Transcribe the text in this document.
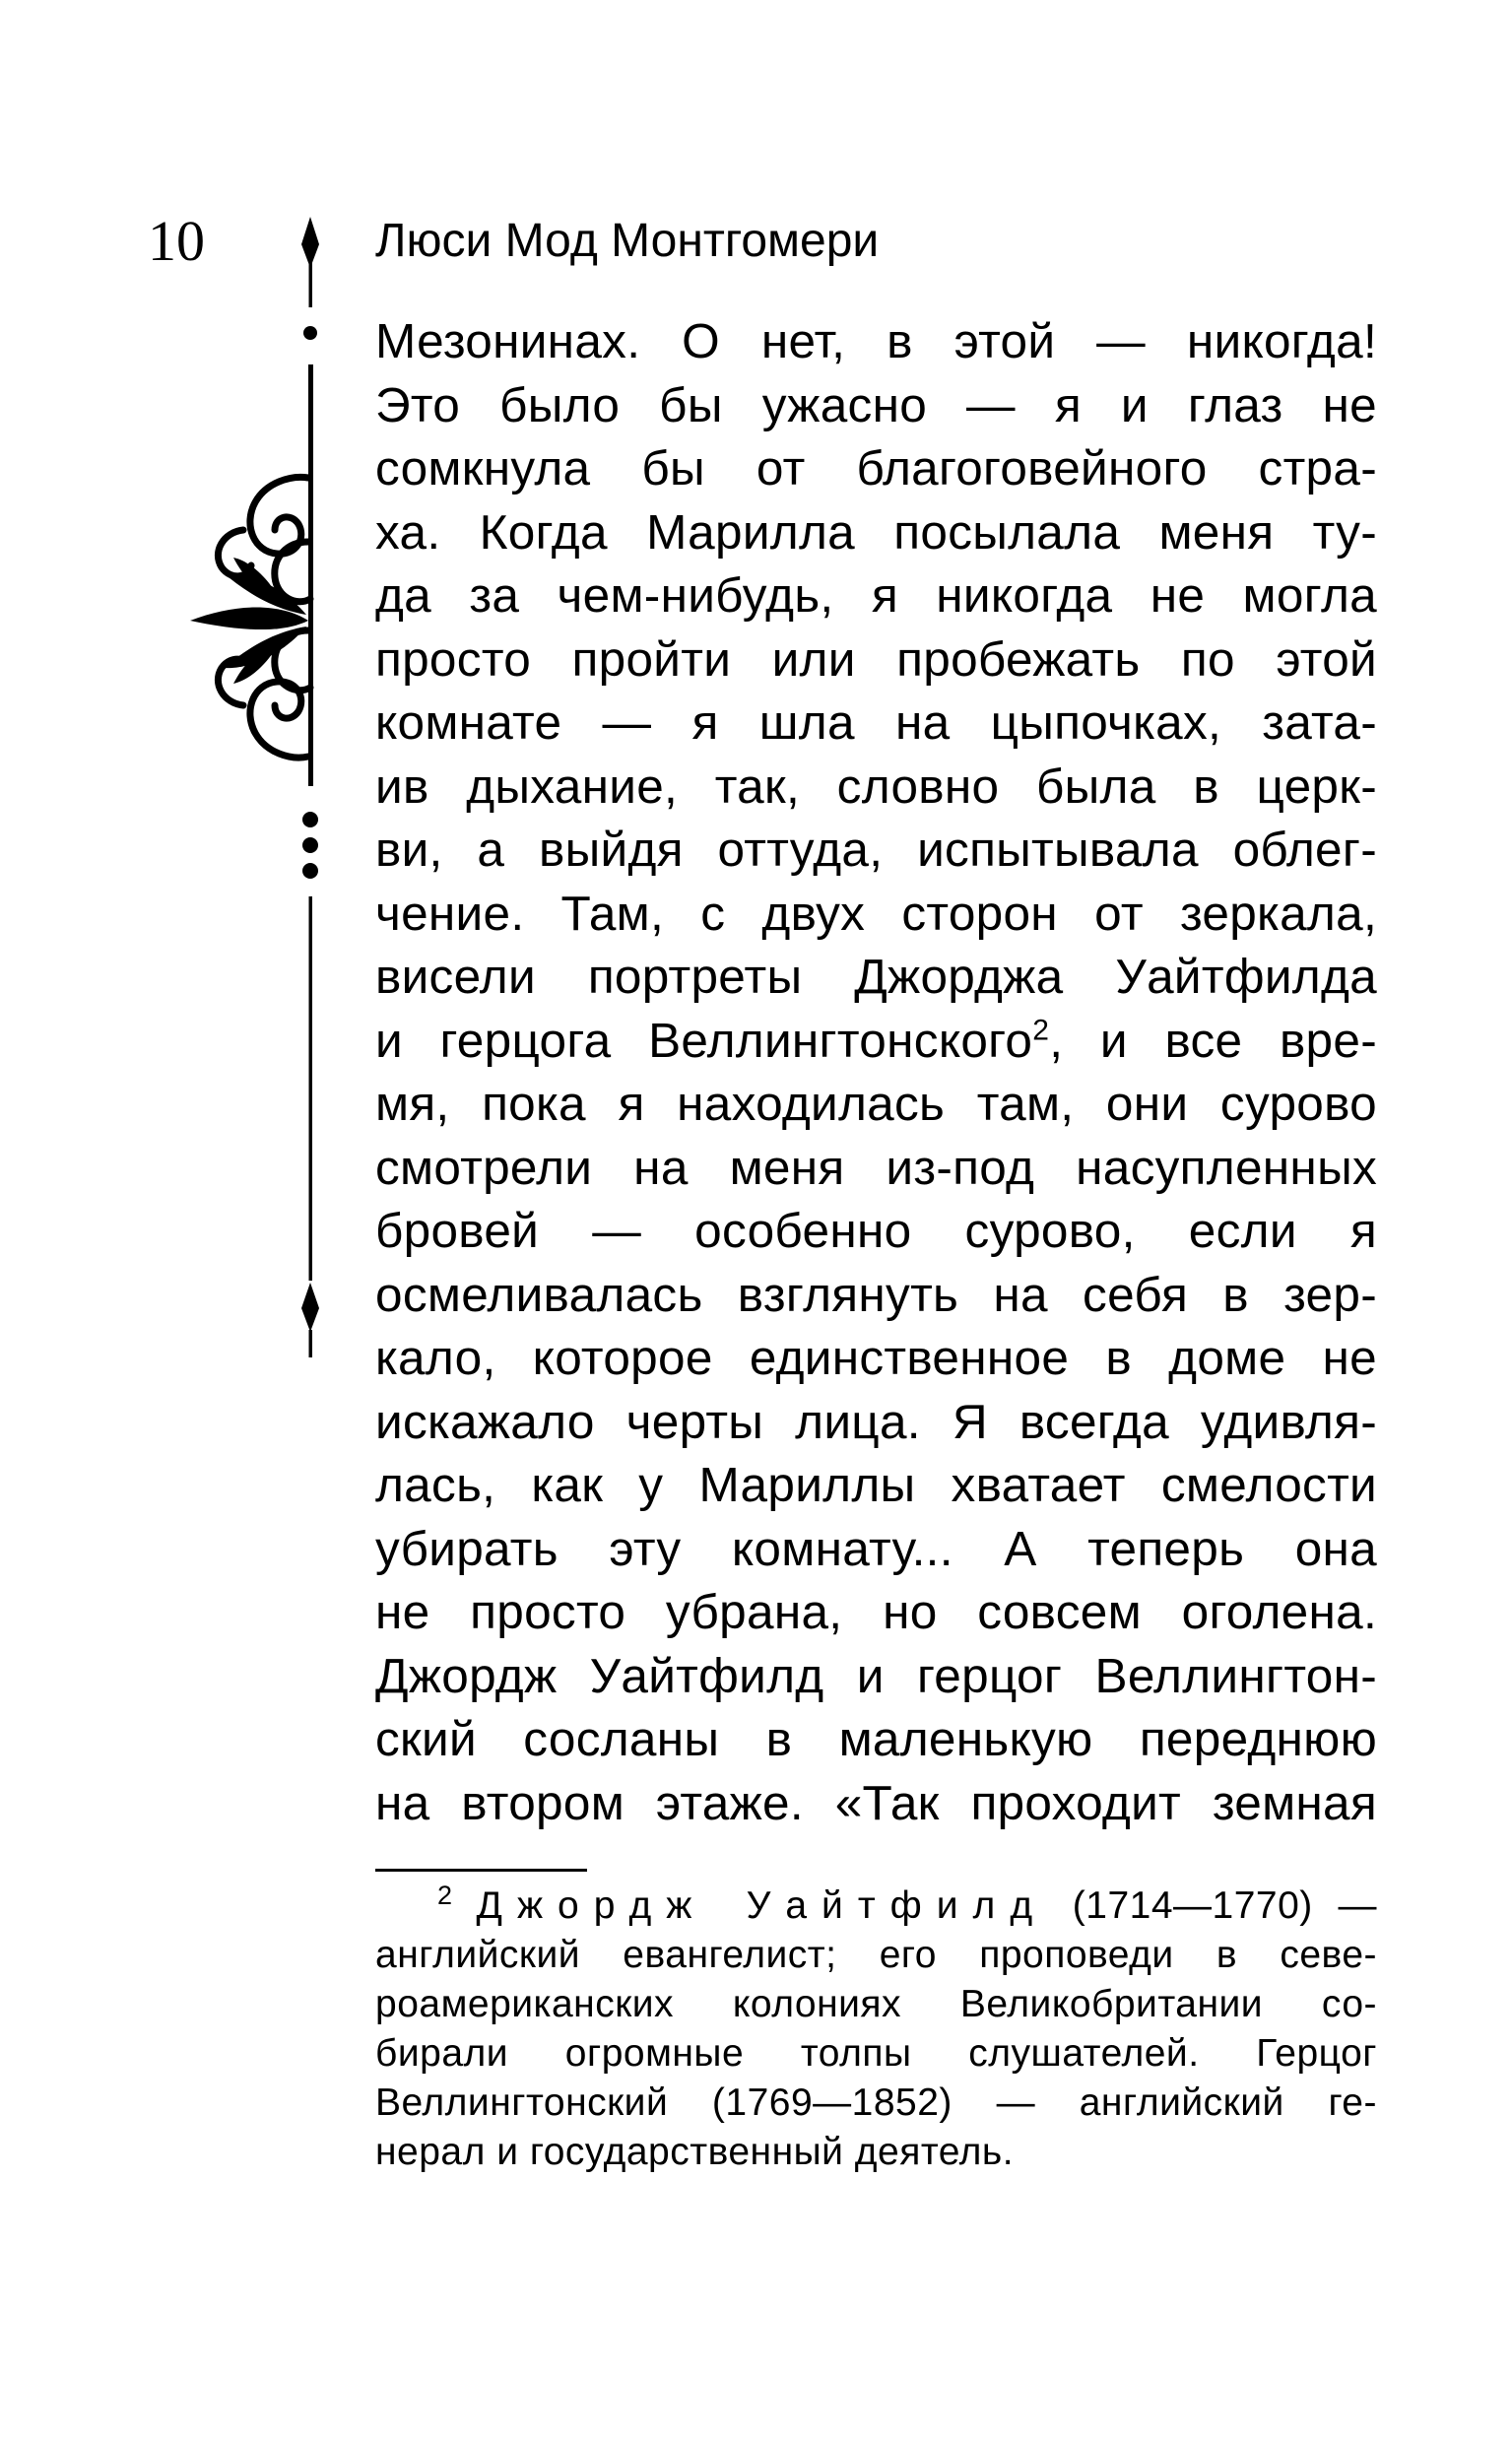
10	Люси Мод Монтгомери
Мезонинах. О нет, в этой — никогда!
Это было бы ужасно — я и глаз не
сомкнула бы от благоговейного стра-
ха. Когда Марилла посылала меня ту-
да за чем-нибудь, я никогда не могла
просто пройти или пробежать по этой
комнате — я шла на цыпочках, зата-
ив дыхание, так, словно была в церк-
ви, а выйдя оттуда, испытывала облег-
чение. Там, с двух сторон от зеркала,
висели портреты Джорджа Уайтфилда
и герцога Веллингтонского$^2$, и все вре-
мя, пока я находилась там, они сурово
смотрели на меня из-под насупленных
бровей — особенно сурово, если я
осмеливалась взглянуть на себя в зер-
кало, которое единственное в доме не
искажало черты лица. Я всегда удивля-
лась, как у Мариллы хватает смелости
убирать эту комнату... А теперь она
не просто убрана, но совсем оголена.
Джордж Уайтфилд и герцог Веллингтон-
ский сосланы в маленькую переднюю
на втором этаже. «Так проходит земная
$^2$ Джордж Уайтфилд (1714—1770) —
английский евангелист; его проповеди в севе-
роамериканских колониях Великобритании со-
бирали огромные толпы слушателей. Герцог
Веллингтонский (1769—1852) — английский ге-
нерал и государственный деятель.
